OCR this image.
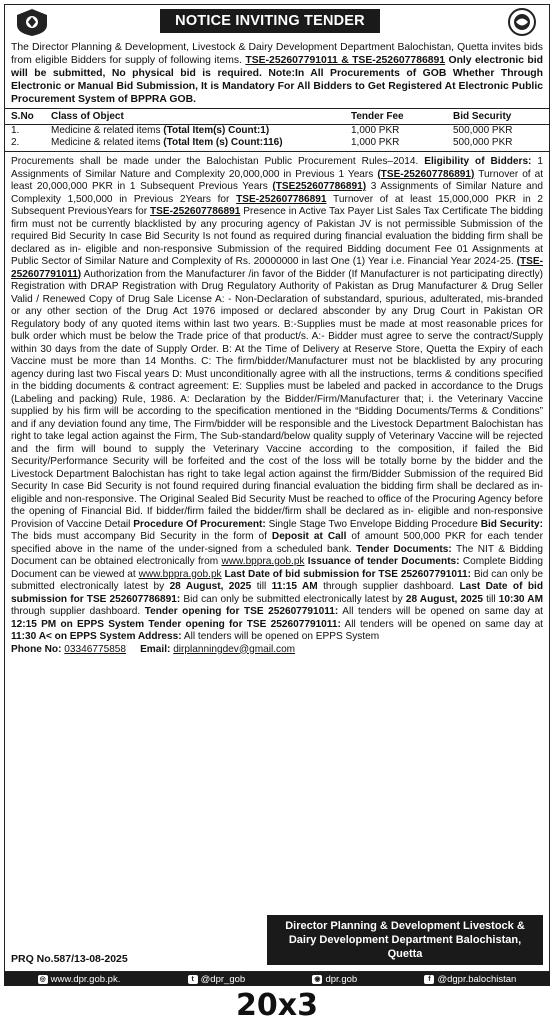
NOTICE INVITING TENDER
The Director Planning & Development, Livestock & Dairy Development Department Balochistan, Quetta invites bids from eligible Bidders for supply of following items. TSE-252607791011 & TSE-252607786891 Only electronic bid will be submitted, No physical bid is required. Note:In All Procurements of GOB Whether Through Electronic or Manual Bid Submission, It is Mandatory For All Bidders to Get Registered At Electronic Public Procurement System of BPPRA GOB.
S.No	Class of Object	Tender Fee	Bid Security
1.	Medicine & related items (Total Item(s) Count:1)	1,000 PKR	500,000 PKR
2.	Medicine & related items (Total Item (s) Count:116)	1,000 PKR	500,000 PKR
Procurements shall be made under the Balochistan Public Procurement Rules–2014. Eligibility of Bidders: 1 Assignments of Similar Nature and Complexity 20,000,000 in Previous 1 Years (TSE-252607786891) Turnover of at least 20,000,000 PKR in 1 Subsequent Previous Years (TSE252607786891) 3 Assignments of Similar Nature and Complexity 1,500,000 in Previous 2Years for TSE-252607786891 Turnover of at least 15,000,000 PKR in 2 Subsequent PreviousYears for TSE-252607786891 Presence in Active Tax Payer List Sales Tax Certificate The bidding firm must not be currently blacklisted by any procuring agency of Pakistan JV is not permissible Submission of the required Bid Security In case Bid Security Is not found as required during financial evaluation the bidding firm shall be declared as in- eligible and non-responsive Submission of the required Bidding document Fee 01 Assignments at Public Sector of Similar Nature and Complexity of Rs. 20000000 in last One (1) Year i.e. Financial Year 2024-25. (TSE-252607791011) Authorization from the Manufacturer /in favor of the Bidder (If Manufacturer is not participating directly) Registration with DRAP Registration with Drug Regulatory Authority of Pakistan as Drug Manufacturer & Drug Seller Valid / Renewed Copy of Drug Sale License A: - Non-Declaration of substandard, spurious, adulterated, mis-branded or any other section of the Drug Act 1976 imposed or declared absconder by any Drug Court in Pakistan OR Regulatory body of any quoted items within last two years. B:-Supplies must be made at most reasonable prices for bulk order which must be below the Trade price of that product/s. A:- Bidder must agree to serve the contract/Supply within 30 days from the date of Supply Order. B: At the Time of Delivery at Reserve Store, Quetta the Expiry of each Vaccine must be more than 14 Months. C: The firm/bidder/Manufacturer must not be blacklisted by any procuring agency during last two Fiscal years D: Must unconditionally agree with all the instructions, terms & conditions specified in the bidding documents & contract agreement: E: Supplies must be labeled and packed in accordance to the Drugs (Labeling and packing) Rule, 1986. A: Declaration by the Bidder/Firm/Manufacturer that; i. the Veterinary Vaccine supplied by his firm will be according to the specification mentioned in the “Bidding Documents/Terms & Conditions” and if any deviation found any time, The Firm/bidder will be responsible and the Livestock Department Balochistan has right to take legal action against the Firm, The Sub-standard/below quality supply of Veterinary Vaccine will be rejected and the firm will bound to supply the Veterinary Vaccine according to the composition, if failed the Bid Security/Performance Security will be forfeited and the cost of the loss will be totally borne by the bidder and the Livestock Department Balochistan has right to take legal action against the firm/Bidder Submission of the required Bid Security In case Bid Security is not found required during financial evaluation the bidding firm shall be declared as in-eligible and non-responsive. The Original Sealed Bid Security Must be reached to office of the Procuring Agency before the opening of Financial Bid. If bidder/firm failed the bidder/firm shall be declared as in- eligible and non-responsive Provision of Vaccine Detail Procedure Of Procurement: Single Stage Two Envelope Bidding Procedure Bid Security: The bids must accompany Bid Security in the form of Deposit at Call of amount 500,000 PKR for each tender specified above in the name of the under-signed from a scheduled bank. Tender Documents: The NIT & Bidding Document can be obtained electronically from www.bppra.gob.pk Issuance of tender Documents: Complete Bidding Document can be viewed at www.bppra.gob.pk Last Date of bid submission for TSE 252607791011: Bid can only be submitted electronically latest by 28 August, 2025 till 11:15 AM through supplier dashboard. Last Date of bid submission for TSE 252607786891: Bid can only be submitted electronically latest by 28 August, 2025 till 10:30 AM through supplier dashboard. Tender opening for TSE 252607791011: All tenders will be opened on same day at 12:15 PM on EPPS System Tender opening for TSE 252607791011: All tenders will be opened on same day at 11:30 A< on EPPS System Address: All tenders will be opened on EPPS System
Phone No: 03346775858 Email: dirplanningdev@gmail.com
Director Planning & Development Livestock &
Dairy Development Department Balochistan,
Quetta
PRQ No.587/13-08-2025
◎ www.dpr.gob.pk.	t @dpr_gob	◉ dpr.gob	f @dgpr.balochistan
20x3
